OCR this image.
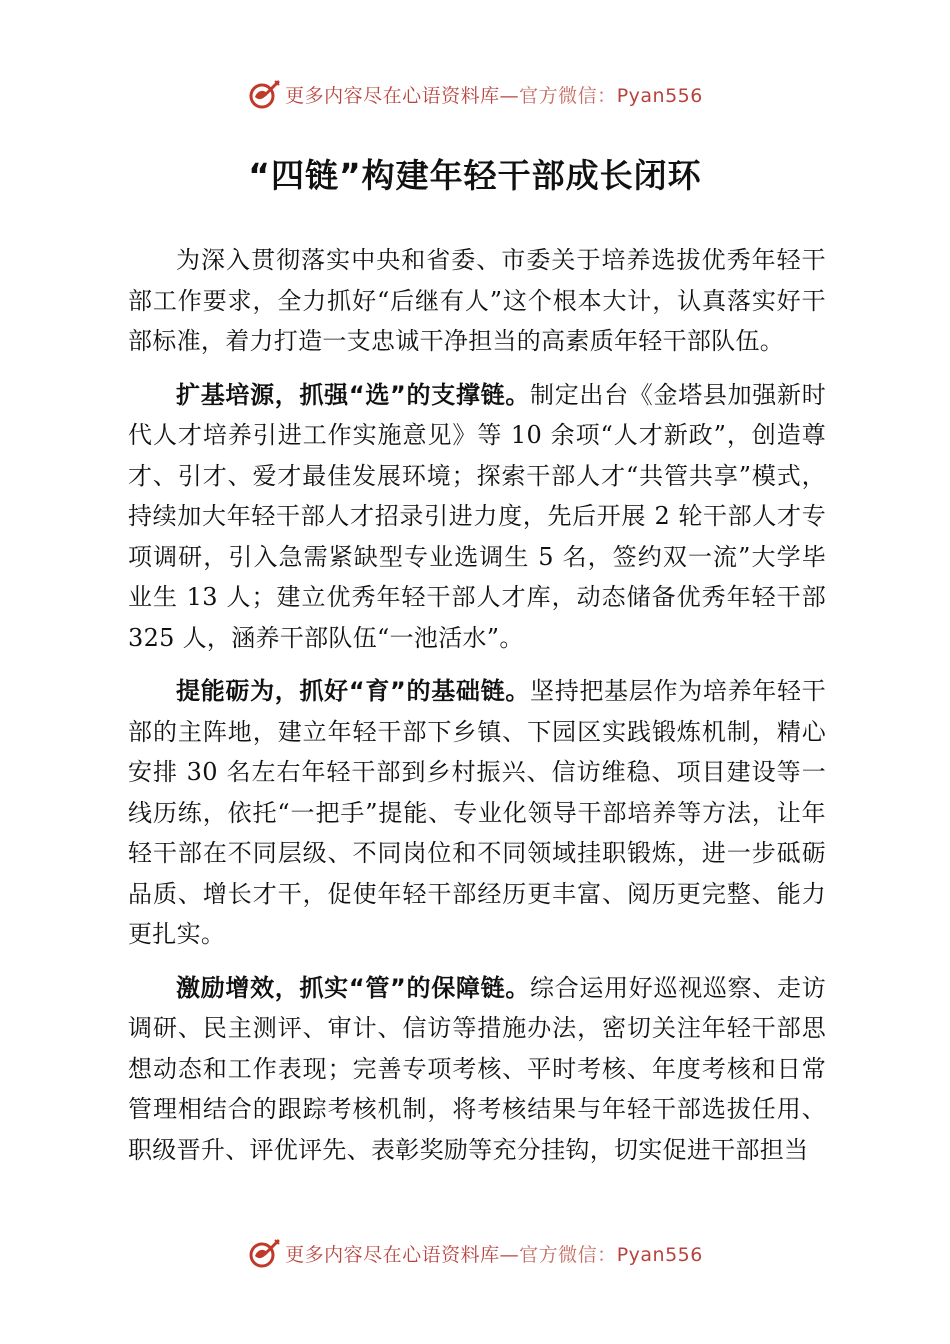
更多内容尽在心语资料库—官方微信：Pyan556
“四链”构建年轻干部成长闭环

为深入贯彻落实中央和省委、市委关于培养选拔优秀年轻干部工作要求，全力抓好“后继有人”这个根本大计，认真落实好干部标准，着力打造一支忠诚干净担当的高素质年轻干部队伍。

扩基培源，抓强“选”的支撑链。制定出台《金塔县加强新时代人才培养引进工作实施意见》等 10 余项“人才新政”，创造尊才、引才、爱才最佳发展环境；探索干部人才“共管共享”模式，持续加大年轻干部人才招录引进力度，先后开展 2 轮干部人才专项调研，引入急需紧缺型专业选调生 5 名，签约双一流”大学毕业生 13 人；建立优秀年轻干部人才库，动态储备优秀年轻干部 325 人，涵养干部队伍“一池活水”。

提能砺为，抓好“育”的基础链。坚持把基层作为培养年轻干部的主阵地，建立年轻干部下乡镇、下园区实践锻炼机制，精心安排 30 名左右年轻干部到乡村振兴、信访维稳、项目建设等一线历练，依托“一把手”提能、专业化领导干部培养等方法，让年轻干部在不同层级、不同岗位和不同领域挂职锻炼，进一步砥砺品质、增长才干，促使年轻干部经历更丰富、阅历更完整、能力更扎实。

激励增效，抓实“管”的保障链。综合运用好巡视巡察、走访调研、民主测评、审计、信访等措施办法，密切关注年轻干部思想动态和工作表现；完善专项考核、平时考核、年度考核和日常管理相结合的跟踪考核机制，将考核结果与年轻干部选拔任用、职级晋升、评优评先、表彰奖励等充分挂钩，切实促进干部担当

更多内容尽在心语资料库—官方微信：Pyan556
